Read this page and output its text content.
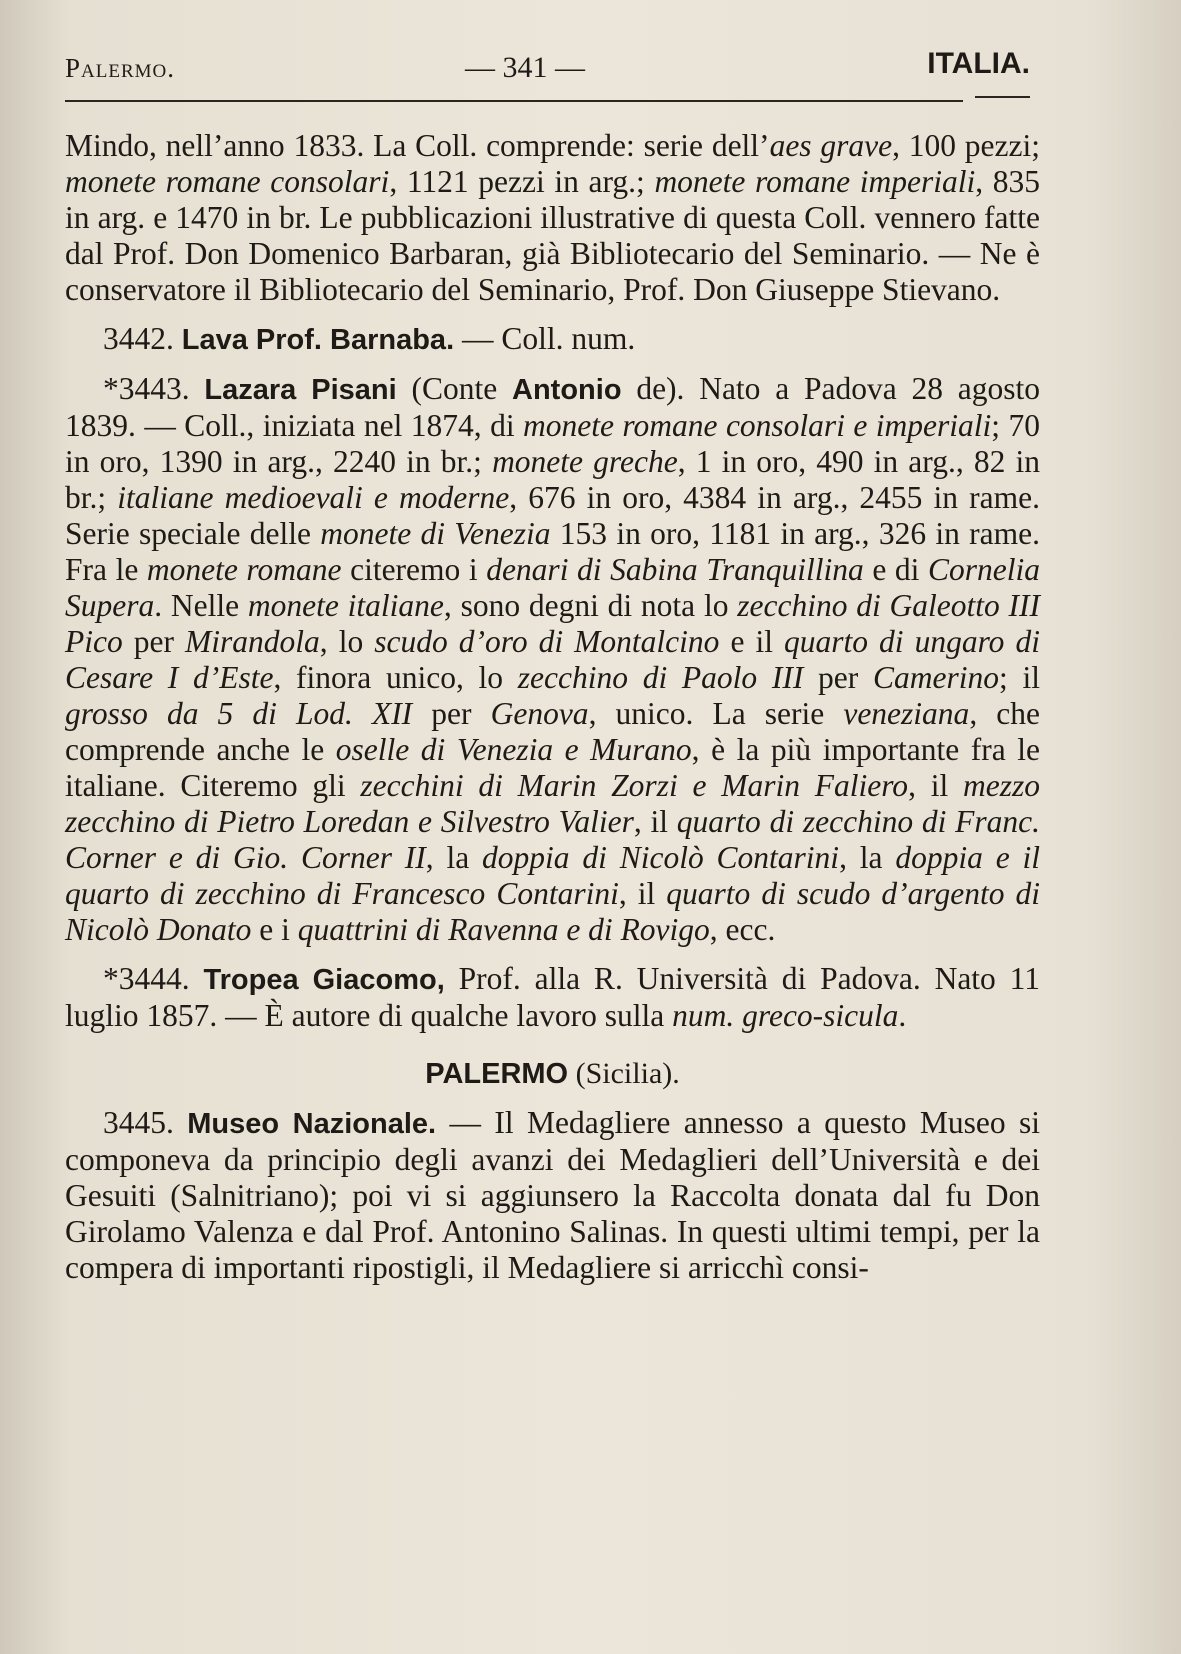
Palermo.	— 341 —	ITALIA.

Mindo, nell’anno 1833. La Coll. comprende: serie dell’aes grave, 100 pezzi; monete romane consolari, 1121 pezzi in arg.; monete romane imperiali, 835 in arg. e 1470 in br. Le pubblicazioni illustrative di questa Coll. vennero fatte dal Prof. Don Domenico Barbaran, già Bibliotecario del Seminario. — Ne è conservatore il Bibliotecario del Seminario, Prof. Don Giuseppe Stievano.

3442. Lava Prof. Barnaba. — Coll. num.

*3443. Lazara Pisani (Conte Antonio de). Nato a Padova 28 agosto 1839. — Coll., iniziata nel 1874, di monete romane consolari e imperiali; 70 in oro, 1390 in arg., 2240 in br.; monete greche, 1 in oro, 490 in arg., 82 in br.; italiane medioevali e moderne, 676 in oro, 4384 in arg., 2455 in rame. Serie speciale delle monete di Venezia 153 in oro, 1181 in arg., 326 in rame. Fra le monete romane citeremo i denari di Sabina Tranquillina e di Cornelia Supera. Nelle monete italiane, sono degni di nota lo zecchino di Galeotto III Pico per Mirandola, lo scudo d’oro di Montalcino e il quarto di ungaro di Cesare I d’Este, finora unico, lo zecchino di Paolo III per Camerino; il grosso da 5 di Lod. XII per Genova, unico. La serie veneziana, che comprende anche le oselle di Venezia e Murano, è la più importante fra le italiane. Citeremo gli zecchini di Marin Zorzi e Marin Faliero, il mezzo zecchino di Pietro Loredan e Silvestro Valier, il quarto di zecchino di Franc. Corner e di Gio. Corner II, la doppia di Nicolò Contarini, la doppia e il quarto di zecchino di Francesco Contarini, il quarto di scudo d’argento di Nicolò Donato e i quattrini di Ravenna e di Rovigo, ecc.

*3444. Tropea Giacomo, Prof. alla R. Università di Padova. Nato 11 luglio 1857. — È autore di qualche lavoro sulla num. greco-sicula.

PALERMO (Sicilia).

3445. Museo Nazionale. — Il Medagliere annesso a questo Museo si componeva da principio degli avanzi dei Medaglieri dell’Università e dei Gesuiti (Salnitriano); poi vi si aggiunsero la Raccolta donata dal fu Don Girolamo Valenza e dal Prof. Antonino Salinas. In questi ultimi tempi, per la compera di importanti ripostigli, il Medagliere si arricchì consi-
